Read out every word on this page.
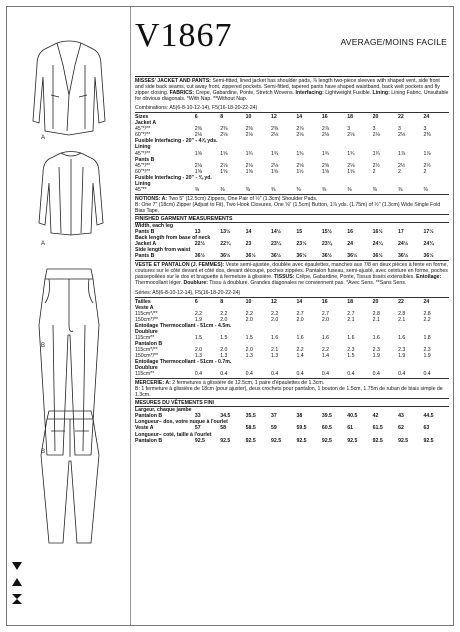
A
A
B
B
V1867	AVERAGE/MOINS FACILE
MISSES' JACKET AND PANTS: Semi-fitted, lined jacket has shoulder pads, ⅞ length two-piece sleeves with shaped vent, side front and side back seams, cut away front, zippered pockets. Semi-fitted, tapered pants have shaped waistband, back welt pockets and fly zipper closing. FABRICS: Crepe, Gabardine, Ponte, Stretch Wovens. Interfacing: Lightweight Fusible. Lining: Lining Fabric. Unsuitable for obvious diagonals. *With Nap. **Without Nap.
Combinations: A5(6-8-10-12-14), F5(16-18-20-22-24)
Sizes	6	8	10	12	14	16	18	20	22	24
Jacket A										
45"*/**	2⅜	2⅜	2⅜	2⅜	2⅞	2⅞	3	3	3	3
60"*/**	2⅛	2⅛	2⅛	2⅛	2⅛	2⅛	2⅛	2⅛	2⅛	2⅜
Fusible Interfacing - 20" - 4⅞ yds.										
Lining										
45"*/**	1⅝	1⅝	1¾	1¾	1¾	1¾	1¾	1¾	1⅞	1⅞
Pants B										
45"*/**	2⅛	2⅛	2⅛	2⅛	2⅝	2⅝	2⅛	2½	2½	2½
60"*/**	1⅝	1⅝	1⅝	1⅝	1½	1⅝	1⅝	2	2	2
Fusible Interfacing - 20" - ⅜ yd.										
Lining										
45"**	⅜	⅜	⅜	⅜	⅜	⅜	⅜	⅜	⅜	⅜
NOTIONS: A: Two 5" (12.5cm) Zippers, One Pair of ½" (1.3cm) Shoulder Pads.
B: One 7" (18cm) Zipper (Adjust to Fit), Two Hook Closures, One ⅝" (1.5cm) Button, 1⅞ yds. (1.75m) of ½" (1.3cm) Wide Single Fold Bias Tape.
FINISHED GARMENT MEASUREMENTS
Width, each leg										
Pants B	13	13½	14	14½	15	15½	16	16½	17	17½
Back length from base of neck										
Jacket A	22½	22¾	23	23¼	23½	23¾	24	24¼	24½	24¾
Side length from waist										
Pants B	36½	36½	36½	36½	36½	36½	36½	36½	36½	36½
VESTE ET PANTALON (J. FEMMES): Veste semi-ajustée, doublée avec épaulettes, manches aux 7/8 en deux pièces à fente en forme, coutures sur le côté devant et côté dos, devant découpé, poches zippées. Pantalon fuseau, semi-ajusté, avec ceinture en forme, poches passepoilées sur le dos et braguette à fermeture à glissière. TISSUS: Crêpe, Gabardine, Ponte, Tissus tissés extensibles. Entoilage: Thermocollant léger. Doublure: Tissu à doublure. Grandes diagonales ne conviennent pas. *Avec Sens. **Sans Sens.
Séries: A5(6-8-10-12-14), F5(16-18-20-22-24)
Tailles	6	8	10	12	14	16	18	20	22	24
Veste A										
115cm*/**	2.2	2.2	2.2	2.2	2.7	2.7	2.7	2.8	2.8	2.8
150cm*/**	1.9	2.0	2.0	2.0	2.0	2.0	2.1	2.1	2.1	2.2
Entoilage Thermocollant - 51cm - 4.5m.										
Doublure										
115cm**	1.5	1.5	1.5	1.6	1.6	1.6	1.6	1.6	1.6	1.8
Pantalon B										
115cm*/**	2.0	2.0	2.0	2.1	2.2	2.2	2.3	2.3	2.3	2.3
150cm*/**	1.3	1.3	1.3	1.3	1.4	1.4	1.5	1.9	1.9	1.9
Entoilage Thermocollant - 51cm - 0.7m.										
Doublure										
115cm**	0.4	0.4	0.4	0.4	0.4	0.4	0.4	0.4	0.4	0.4
MERCERIE: A: 2 fermetures à glissière de 12.5cm, 1 paire d'épaulettes de 1.3cm.
B: 1 fermeture à glissière de 18cm (pour ajuster), deux crochets pour pantalon, 1 bouton de 1.5cm, 1.75m de ruban de biais simple de 1.3cm.
MESURES DU VÊTEMENTS FINI
Largeur, chaque jambe										
Pantalon B	33	34.5	35.5	37	38	39.5	40.5	42	43	44.5
Longueur– dos, votre nuque à l'ourlet										
Veste A	57	58	58.5	59	59.5	60.5	61	61.5	62	63
Longueur– coté, taille à l'ourlet										
Pantalon B	92.5	92.5	92.5	92.5	92.5	92.5	92.5	92.5	92.5	92.5
